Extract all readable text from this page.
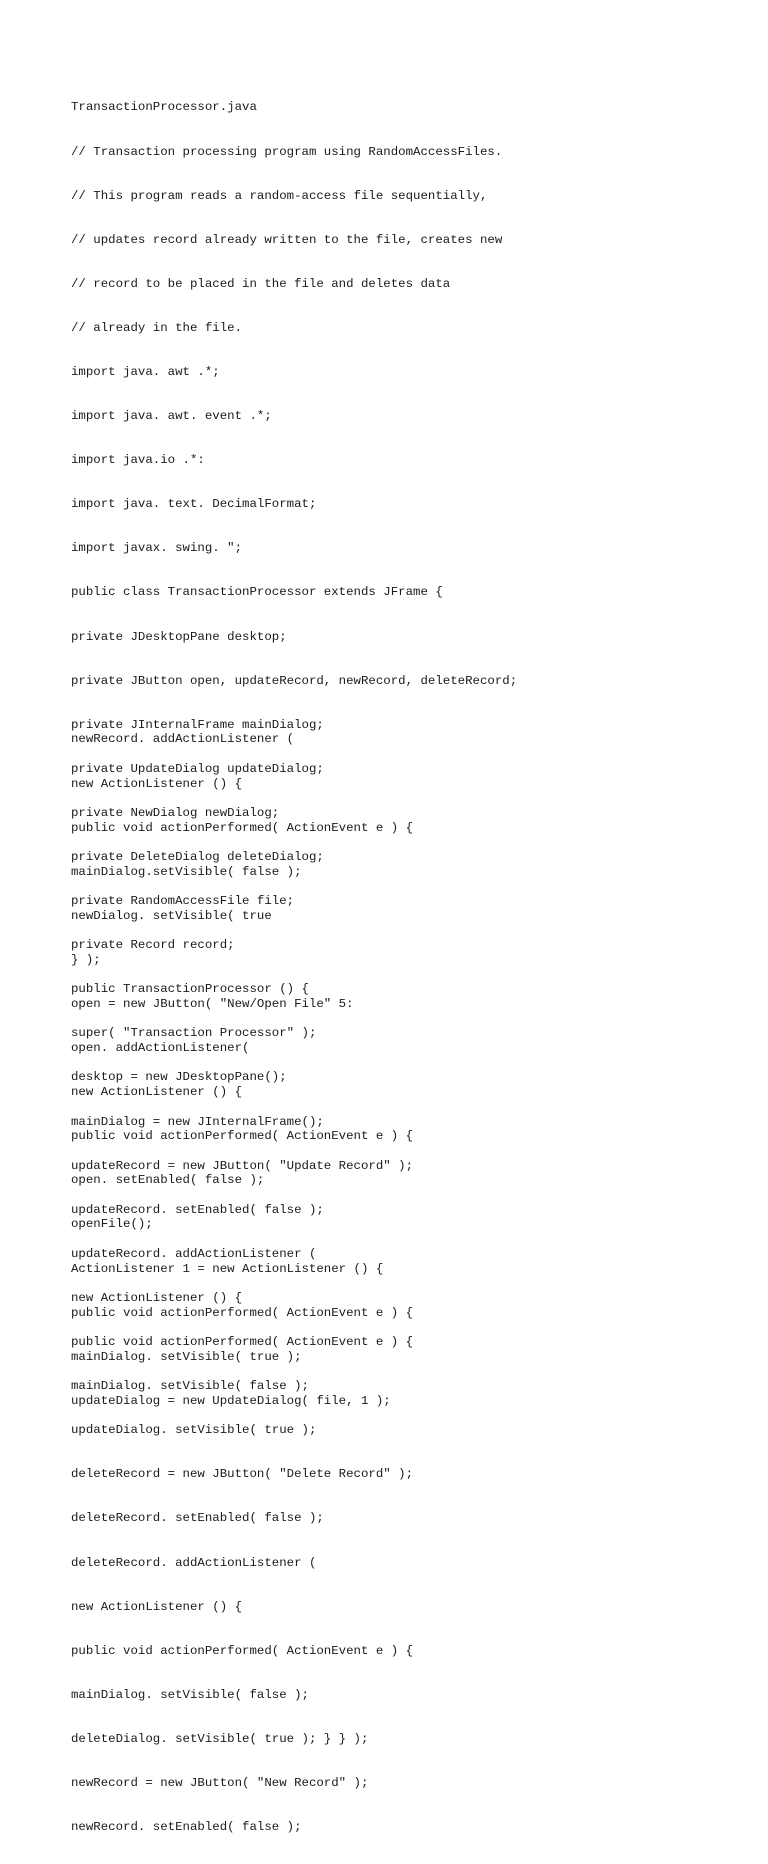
TransactionProcessor.java

// Transaction processing program using RandomAccessFiles.

// This program reads a random-access file sequentially,

// updates record already written to the file, creates new

// record to be placed in the file and deletes data

// already in the file.

import java. awt .*;

import java. awt. event .*;

import java.io .*:

import java. text. DecimalFormat;

import javax. swing. ";

public class TransactionProcessor extends JFrame {

private JDesktopPane desktop;

private JButton open, updateRecord, newRecord, deleteRecord;

private JInternalFrame mainDialog;

private UpdateDialog updateDialog;

private NewDialog newDialog;

private DeleteDialog deleteDialog;

private RandomAccessFile file;

private Record record;

public TransactionProcessor () {

super( "Transaction Processor" );

desktop = new JDesktopPane();

mainDialog = new JInternalFrame();

updateRecord = new JButton( "Update Record" );

updateRecord. setEnabled( false );

updateRecord. addActionListener (

new ActionListener () {

public void actionPerformed( ActionEvent e ) {

mainDialog. setVisible( false );

updateDialog. setVisible( true );

deleteRecord = new JButton( "Delete Record" );

deleteRecord. setEnabled( false );

deleteRecord. addActionListener (

new ActionListener () {

public void actionPerformed( ActionEvent e ) {

mainDialog. setVisible( false );

deleteDialog. setVisible( true ); } } );

newRecord = new JButton( "New Record" );

newRecord. setEnabled( false );

newRecord. addActionListener (

new ActionListener () {

public void actionPerformed( ActionEvent e ) {

mainDialog.setVisible( false );

newDialog. setVisible( true

} );

open = new JButton( "New/Open File" 5:

open. addActionListener(

new ActionListener () {

public void actionPerformed( ActionEvent e ) {

open. setEnabled( false );

openFile();

ActionListener 1 = new ActionListener () {

public void actionPerformed( ActionEvent e ) {

mainDialog. setVisible( true );

updateDialog = new UpdateDialog( file, 1 );
